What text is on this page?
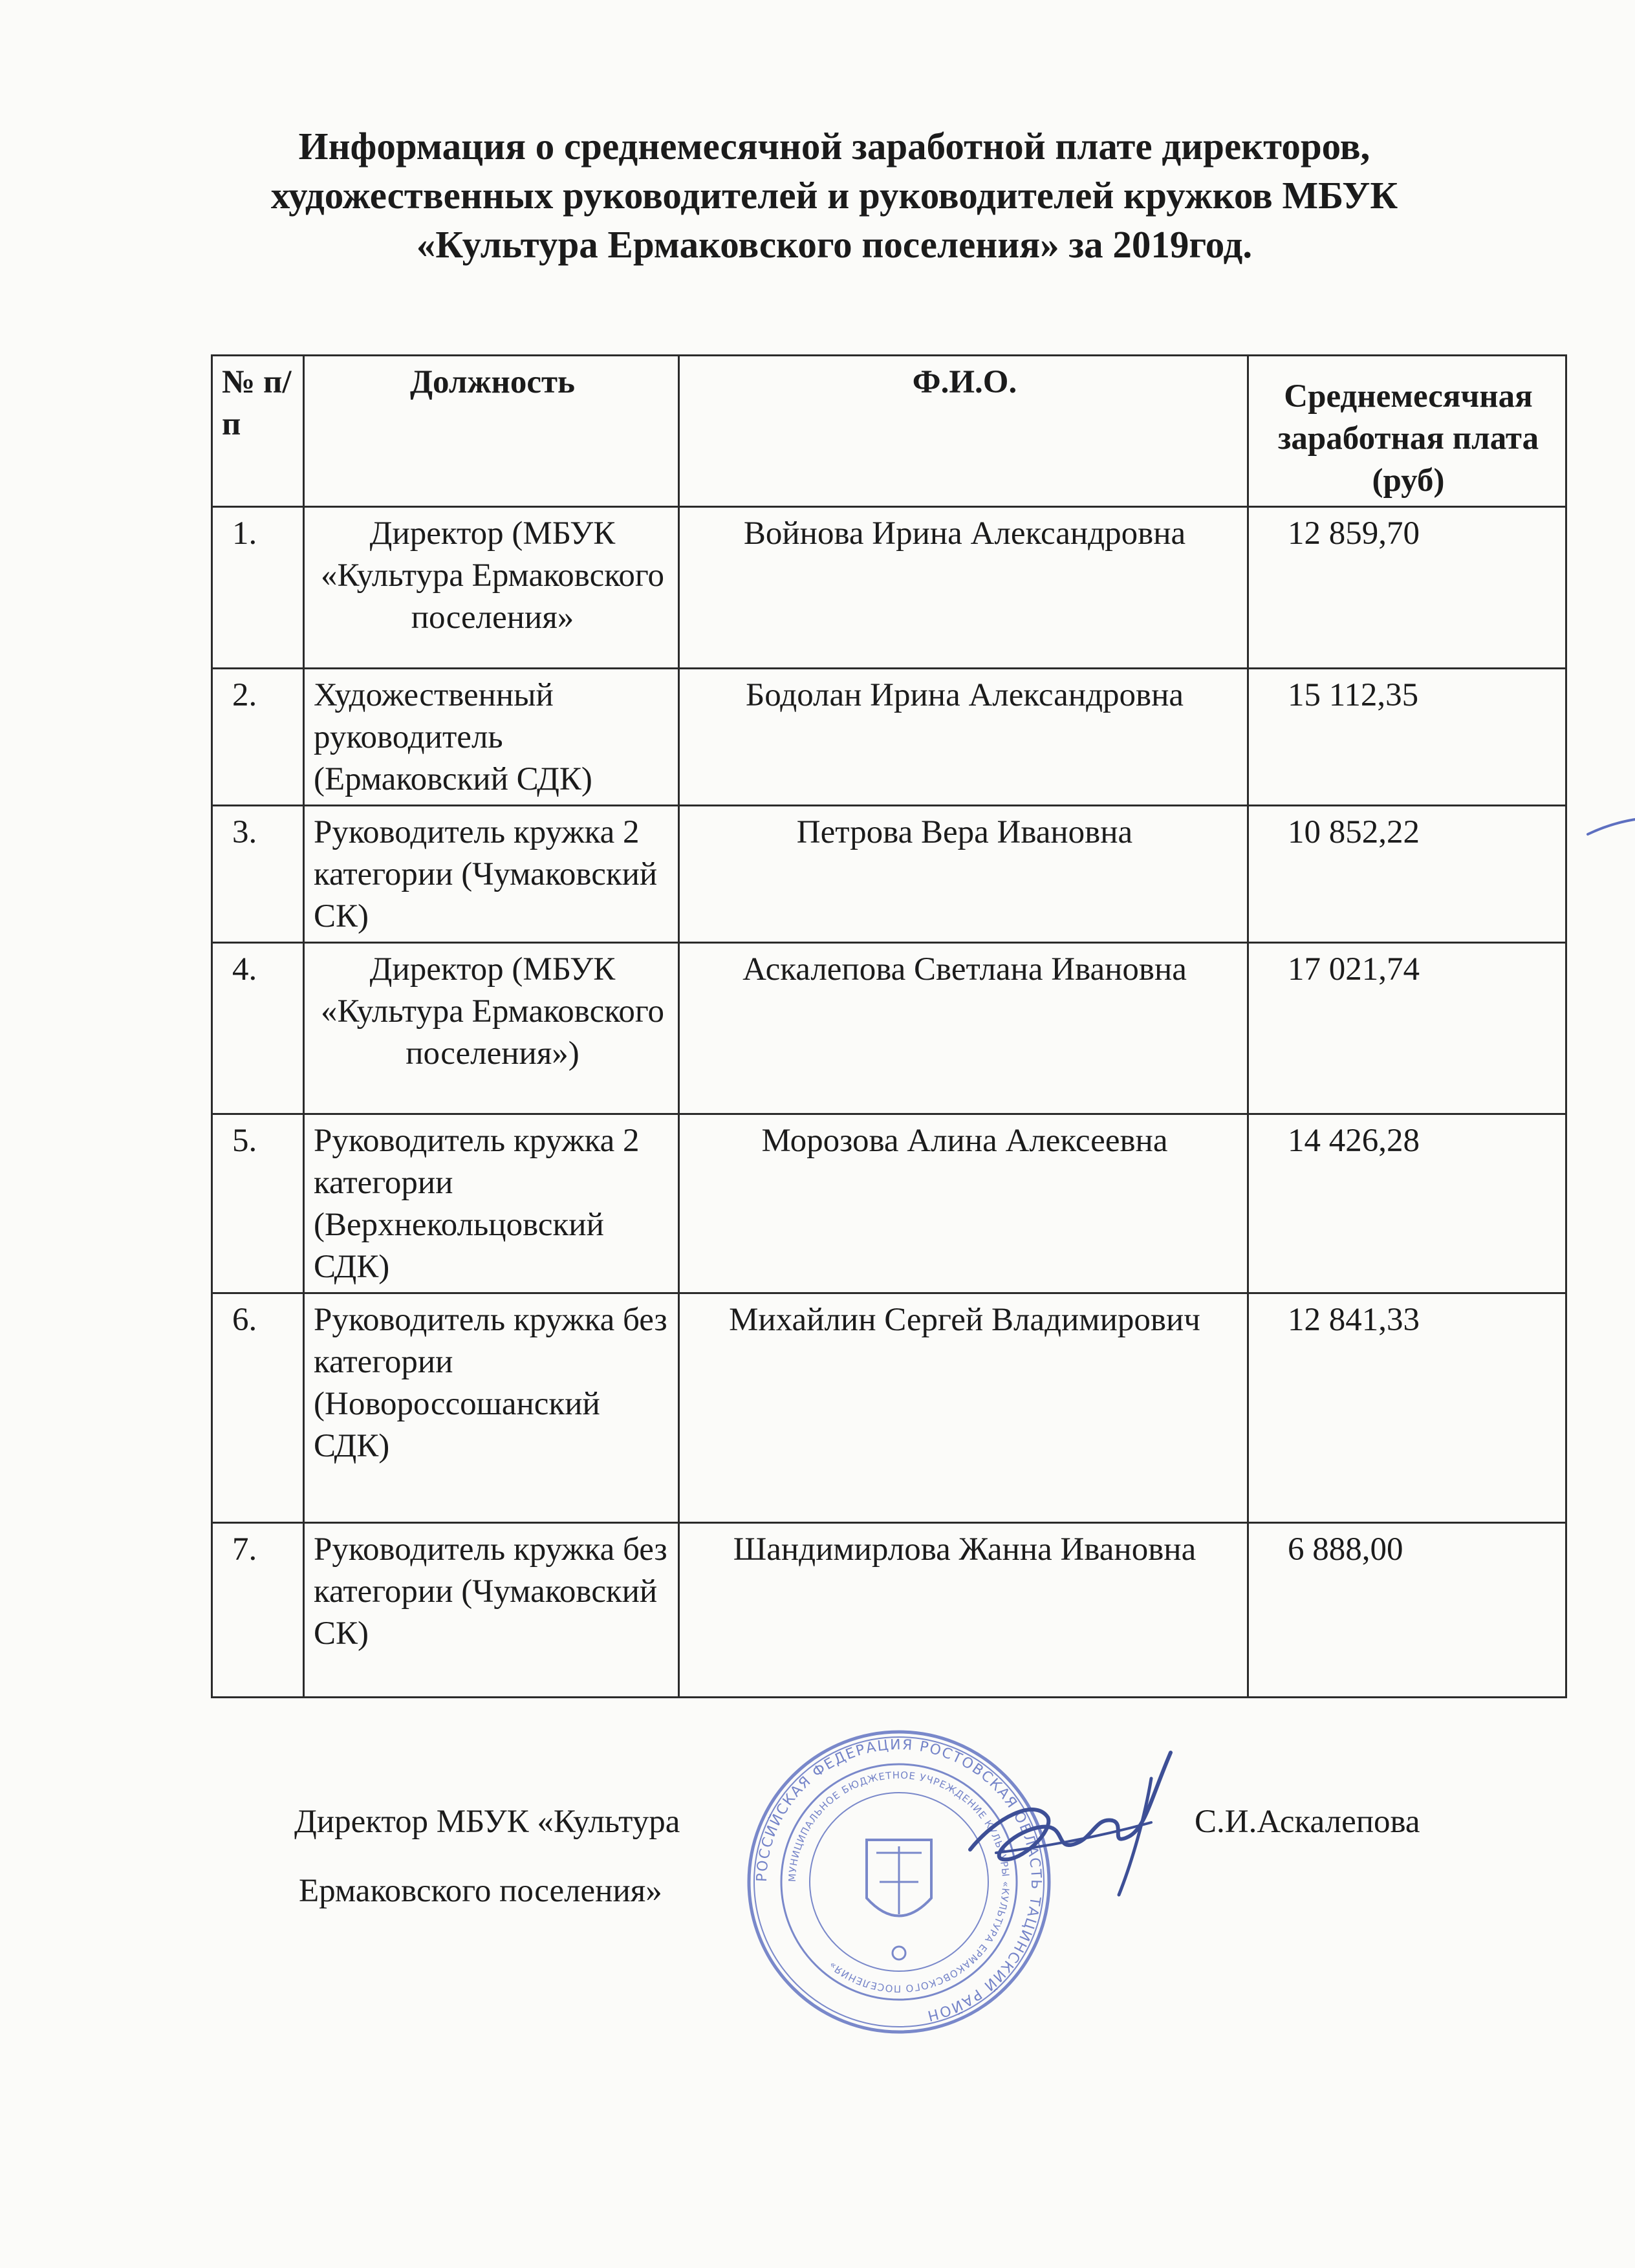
Информация о среднемесячной заработной плате директоров,
художественных руководителей и руководителей кружков МБУК
«Культура Ермаковского поселения» за 2019год.
№ п/п	Должность	Ф.И.О.	Среднемесячная заработная плата (руб)
1.	Директор (МБУК «Культура Ермаковского поселения»	Войнова Ирина Александровна	12 859,70
2.	Художественный руководитель (Ермаковский СДК)	Бодолан Ирина Александровна	15 112,35
3.	Руководитель кружка 2 категории (Чумаковский СК)	Петрова Вера Ивановна	10 852,22
4.	Директор (МБУК «Культура Ермаковского поселения»)	Аскалепова Светлана Ивановна	17 021,74
5.	Руководитель кружка 2 категории (Верхнекольцовский СДК)	Морозова Алина Алексеевна	14 426,28
6.	Руководитель кружка без категории (Новороссошанский СДК)	Михайлин Сергей Владимирович	12 841,33
7.	Руководитель кружка без категории (Чумаковский СК)	Шандимирлова Жанна Ивановна	6 888,00
Директор МБУК «Культура
Ермаковского поселения»
С.И.Аскалепова
РОССИЙСКАЯ ФЕДЕРАЦИЯ РОСТОВСКАЯ ОБЛАСТЬ ТАЦИНСКИЙ РАЙОН
МУНИЦИПАЛЬНОЕ БЮДЖЕТНОЕ УЧРЕЖДЕНИЕ КУЛЬТУРЫ «КУЛЬТУРА ЕРМАКОВСКОГО ПОСЕЛЕНИЯ»
